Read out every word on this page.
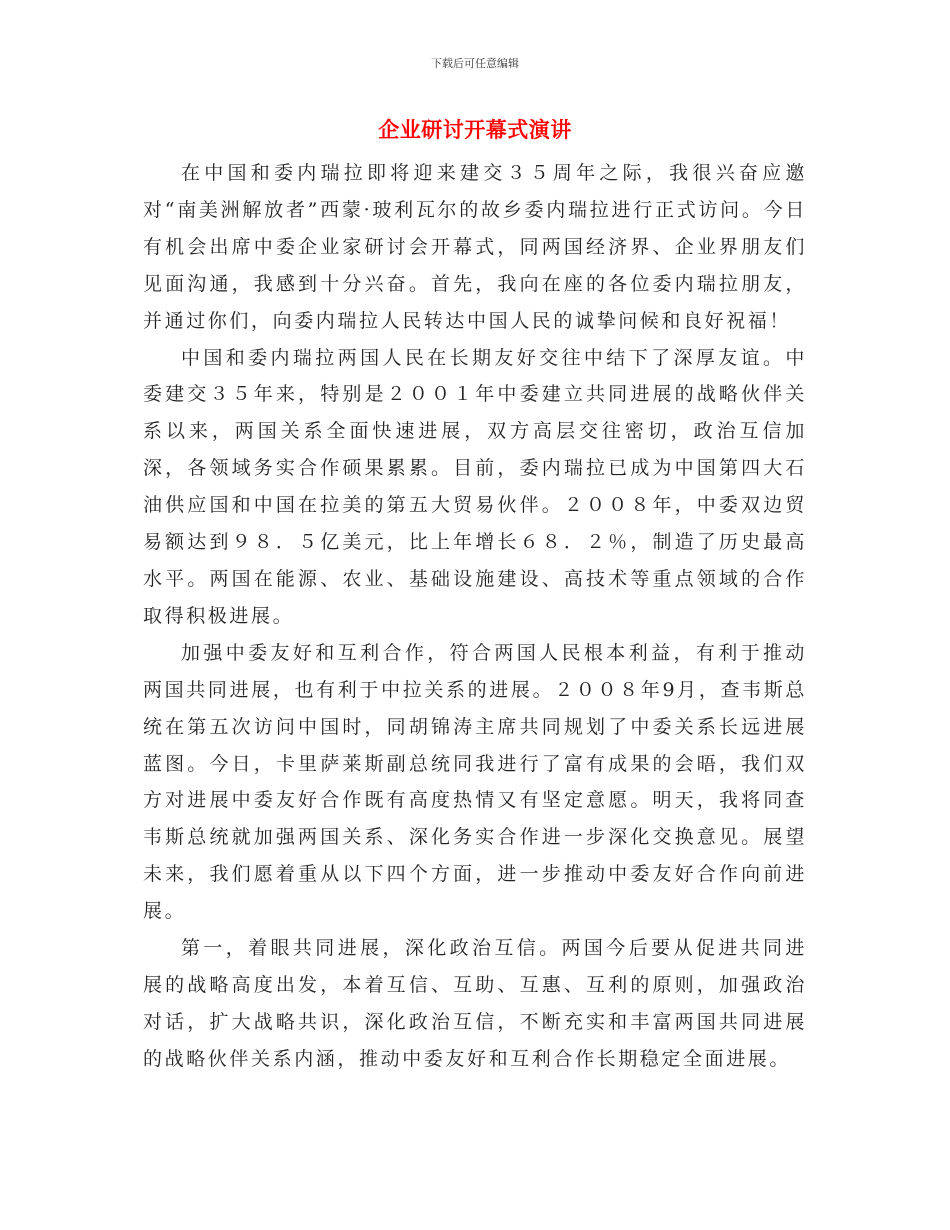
下载后可任意编辑
企业研讨开幕式演讲

在中国和委内瑞拉即将迎来建交３５周年之际，我很兴奋应邀对“南美洲解放者”西蒙·玻利瓦尔的故乡委内瑞拉进行正式访问。今日有机会出席中委企业家研讨会开幕式，同两国经济界、企业界朋友们见面沟通，我感到十分兴奋。首先，我向在座的各位委内瑞拉朋友，并通过你们，向委内瑞拉人民转达中国人民的诚挚问候和良好祝福！

中国和委内瑞拉两国人民在长期友好交往中结下了深厚友谊。中委建交３５年来，特别是２００１年中委建立共同进展的战略伙伴关系以来，两国关系全面快速进展，双方高层交往密切，政治互信加深，各领域务实合作硕果累累。目前，委内瑞拉已成为中国第四大石油供应国和中国在拉美的第五大贸易伙伴。２００８年，中委双边贸易额达到９８．５亿美元，比上年增长６８．２％，制造了历史最高水平。两国在能源、农业、基础设施建设、高技术等重点领域的合作取得积极进展。

加强中委友好和互利合作，符合两国人民根本利益，有利于推动两国共同进展，也有利于中拉关系的进展。２００８年9月，查韦斯总统在第五次访问中国时，同胡锦涛主席共同规划了中委关系长远进展蓝图。今日，卡里萨莱斯副总统同我进行了富有成果的会晤，我们双方对进展中委友好合作既有高度热情又有坚定意愿。明天，我将同查韦斯总统就加强两国关系、深化务实合作进一步深化交换意见。展望未来，我们愿着重从以下四个方面，进一步推动中委友好合作向前进展。

第一，着眼共同进展，深化政治互信。两国今后要从促进共同进展的战略高度出发，本着互信、互助、互惠、互利的原则，加强政治对话，扩大战略共识，深化政治互信，不断充实和丰富两国共同进展的战略伙伴关系内涵，推动中委友好和互利合作长期稳定全面进展。
